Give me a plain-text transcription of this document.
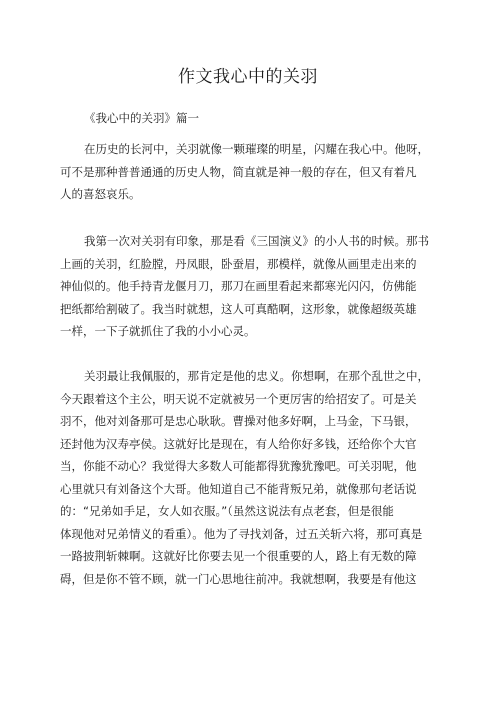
作文我心中的关羽
《我心中的关羽》篇一
在历史的长河中，关羽就像一颗璀璨的明星，闪耀在我心中。他呀，
可不是那种普普通通的历史人物，简直就是神一般的存在，但又有着凡
人的喜怒哀乐。
我第一次对关羽有印象，那是看《三国演义》的小人书的时候。那书
上画的关羽，红脸膛，丹凤眼，卧蚕眉，那模样，就像从画里走出来的
神仙似的。他手持青龙偃月刀，那刀在画里看起来都寒光闪闪，仿佛能
把纸都给割破了。我当时就想，这人可真酷啊，这形象，就像超级英雄
一样，一下子就抓住了我的小小心灵。
关羽最让我佩服的，那肯定是他的忠义。你想啊，在那个乱世之中，
今天跟着这个主公，明天说不定就被另一个更厉害的给招安了。可是关
羽不，他对刘备那可是忠心耿耿。曹操对他多好啊，上马金，下马银，
还封他为汉寿亭侯。这就好比是现在，有人给你好多钱，还给你个大官
当，你能不动心？我觉得大多数人可能都得犹豫犹豫吧。可关羽呢，他
心里就只有刘备这个大哥。他知道自己不能背叛兄弟，就像那句老话说
的：“兄弟如手足，女人如衣服。”（虽然这说法有点老套，但是很能
体现他对兄弟情义的看重）。他为了寻找刘备，过五关斩六将，那可真是
一路披荆斩棘啊。这就好比你要去见一个很重要的人，路上有无数的障
碍，但是你不管不顾，就一门心思地往前冲。我就想啊，我要是有他这
